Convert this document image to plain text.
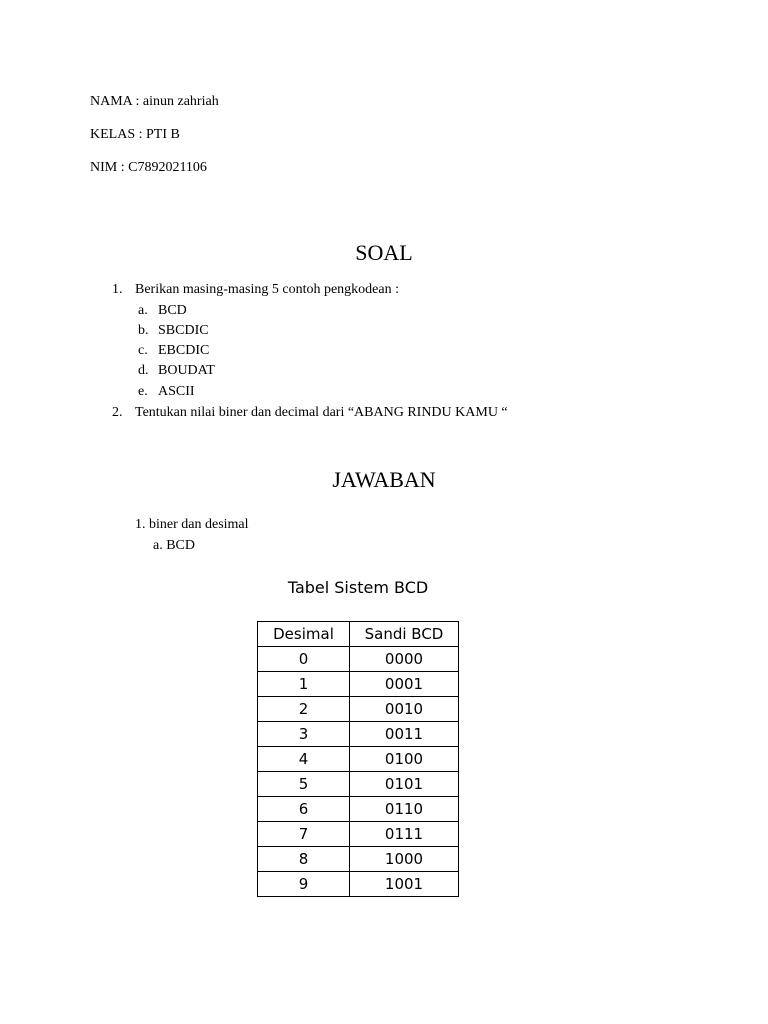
NAMA : ainun zahriah
KELAS : PTI B
NIM : C7892021106
SOAL
1. Berikan masing-masing 5 contoh pengkodean :
a. BCD
b. SBCDIC
c. EBCDIC
d. BOUDAT
e. ASCII
2. Tentukan nilai biner dan decimal dari “ABANG RINDU KAMU “
JAWABAN
1. biner dan desimal
a. BCD
Tabel Sistem BCD
Desimal	Sandi BCD
0	0000
1	0001
2	0010
3	0011
4	0100
5	0101
6	0110
7	0111
8	1000
9	1001
